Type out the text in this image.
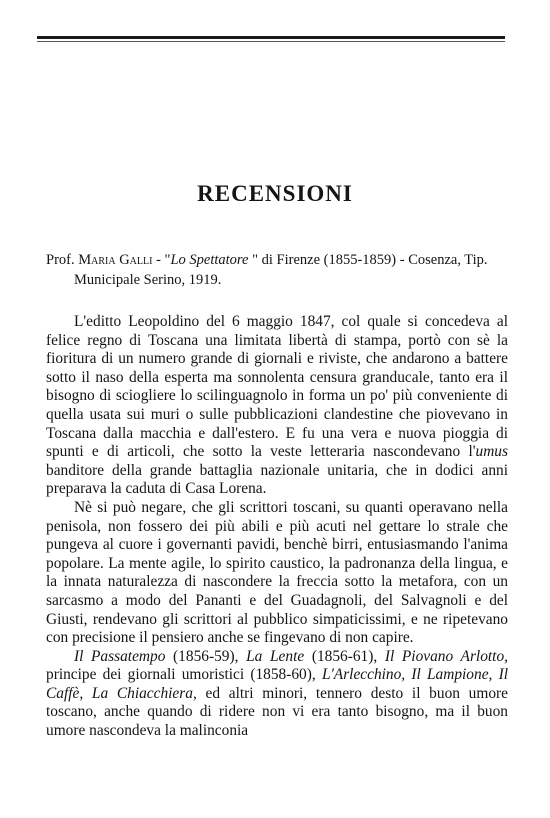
RECENSIONI
Prof. Maria Galli - "Lo Spettatore " di Firenze (1855-1859) - Cosenza, Tip.
Municipale Serino, 1919.

L'editto Leopoldino del 6 maggio 1847, col quale si concedeva al felice regno di Toscana una limitata libertà di stampa, portò con sè la fioritura di un numero grande di giornali e riviste, che andarono a battere sotto il naso della esperta ma sonnolenta censura granducale, tanto era il bisogno di sciogliere lo scilinguagnolo in forma un po' più conveniente di quella usata sui muri o sulle pubblicazioni clandestine che piovevano in Toscana dalla macchia e dall'estero. E fu una vera e nuova pioggia di spunti e di articoli, che sotto la veste letteraria nascondevano l'umus banditore della grande battaglia nazionale unitaria, che in dodici anni preparava la caduta di Casa Lorena.

Nè si può negare, che gli scrittori toscani, su quanti operavano nella penisola, non fossero dei più abili e più acuti nel gettare lo strale che pungeva al cuore i governanti pavidi, benchè birri, entusiasmando l'anima popolare. La mente agile, lo spirito caustico, la padronanza della lingua, e la innata naturalezza di nascondere la freccia sotto la metafora, con un sarcasmo a modo del Pananti e del Guadagnoli, del Salvagnoli e del Giusti, rendevano gli scrittori al pubblico simpaticissimi, e ne ripetevano con precisione il pensiero anche se fingevano di non capire.

Il Passatempo (1856-59), La Lente (1856-61), Il Piovano Arlotto, principe dei giornali umoristici (1858-60), L'Arlecchino, Il Lampione, Il Caffè, La Chiacchiera, ed altri minori, tennero desto il buon umore toscano, anche quando di ridere non vi era tanto bisogno, ma il buon umore nascondeva la malinconia
